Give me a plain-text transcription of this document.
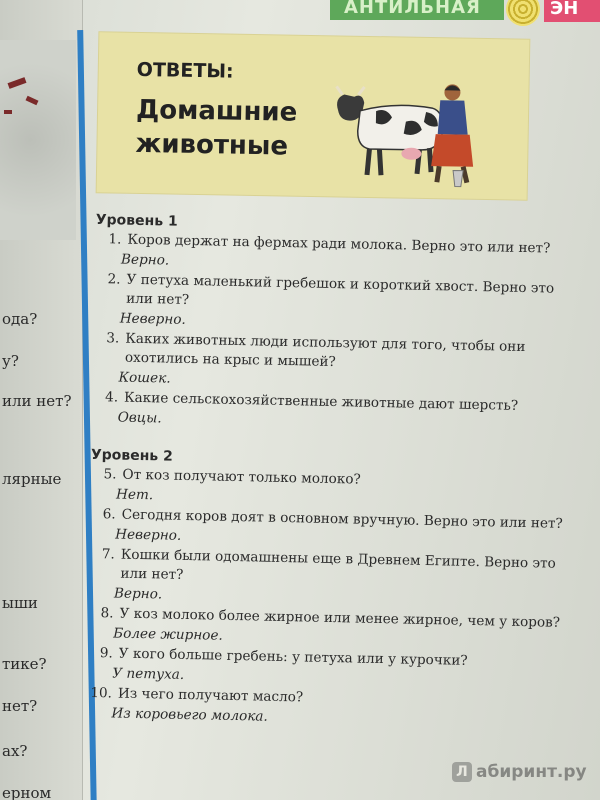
ода?
у?
или нет?
лярные
ыши
тике?
нет?
ах?
ерном
АНТИЛЬНАЯ	ЭН
ОТВЕТЫ:
Домашние животные
Уровень 1
1. Коров держат на фермах ради молока. Верно это или нет?
Верно.
2. У петуха маленький гребешок и короткий хвост. Верно это или нет?
Неверно.
3. Каких животных люди используют для того, чтобы они охотились на крыс и мышей?
Кошек.
4. Какие сельскохозяйственные животные дают шерсть?
Овцы.
Уровень 2
5. От коз получают только молоко?
Нет.
6. Сегодня коров доят в основном вручную. Верно это или нет?
Неверно.
7. Кошки были одомашнены еще в Древнем Египте. Верно это или нет?
Верно.
8. У коз молоко более жирное или менее жирное, чем у коров?
Более жирное.
9. У кого больше гребень: у петуха или у курочки?
У петуха.
10. Из чего получают масло?
Из коровьего молока.
Л абиринт.ру
